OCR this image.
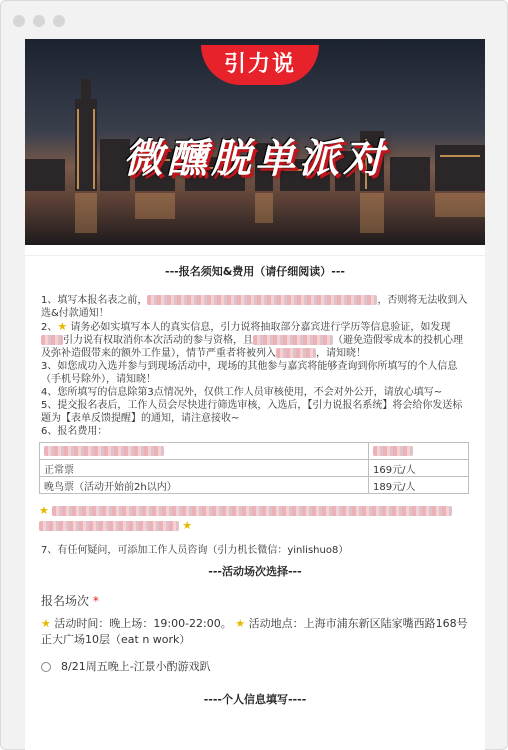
引力说
微醺脱单派对
---报名须知&费用（请仔细阅读）---

1、填写本报名表之前，	，否则将无法收到入选&付款通知！

2、★ 请务必如实填写本人的真实信息，引力说将抽取部分嘉宾进行学历等信息验证，如发现引力说有权取消你本次活动的参与资格，且	（避免造假零成本的投机心理及弥补造假带来的额外工作量），情节严重者将被列入	，请知晓！

3、如您成功入选并参与到现场活动中，现场的其他参与嘉宾将能够查询到你所填写的个人信息（手机号除外），请知晓！

4、您所填写的信息除第3点情况外，仅供工作人员审核使用，不会对外公开，请放心填写~

5、提交报名表后，工作人员会尽快进行筛选审核，入选后，【引力说报名系统】将会给你发送标题为【表单反馈提醒】的通知，请注意接收~

6、报名费用：

正常票	169元/人
晚鸟票（活动开始前2h以内）	189元/人
★
★
7、有任何疑问，可添加工作人员咨询（引力机长微信：yinlishuo8）
---活动场次选择---
报名场次 *
★ 活动时间：晚上场：19:00-22:00。 ★ 活动地点：上海市浦东新区陆家嘴西路168号正大广场10层（eat n work）
8/21周五晚上-江景小酌游戏趴
----个人信息填写----
